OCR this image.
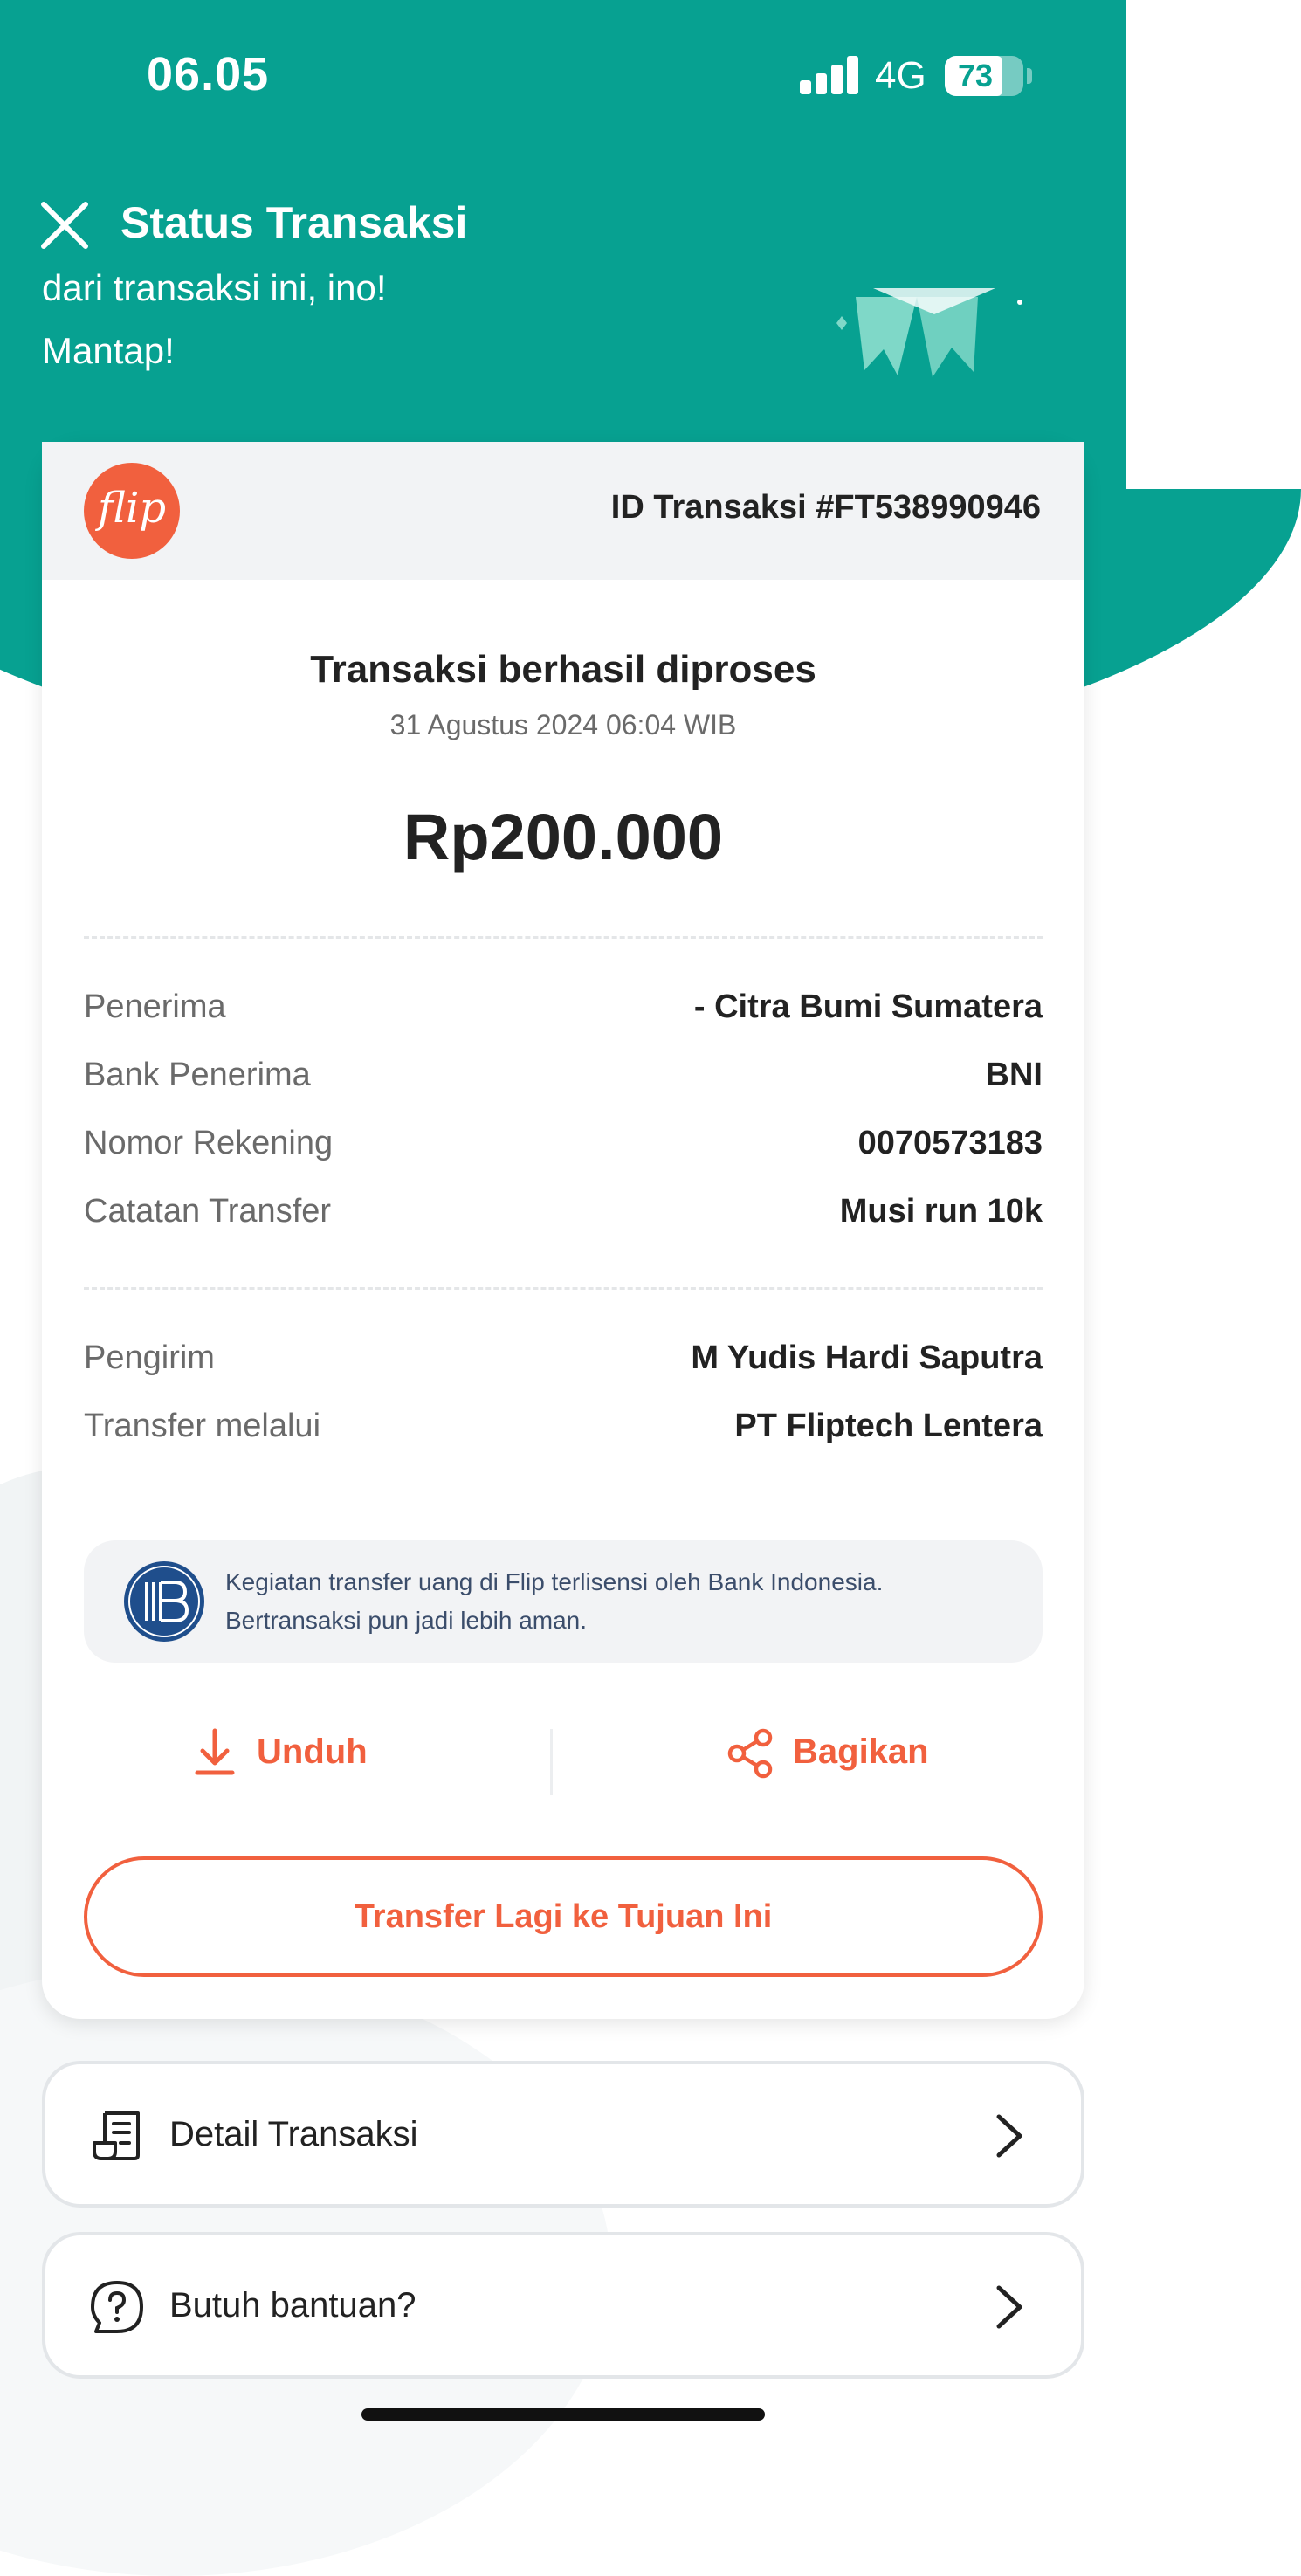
06.05	4G	73
Status Transaksi
dari transaksi ini, ino!
Mantap!
flip	ID Transaksi #FT538990946
Transaksi berhasil diproses
31 Agustus 2024 06:04 WIB
Rp200.000
Penerima	- Citra Bumi Sumatera
Bank Penerima	BNI
Nomor Rekening	0070573183
Catatan Transfer	Musi run 10k
Pengirim	M Yudis Hardi Saputra
Transfer melalui	PT Fliptech Lentera
Kegiatan transfer uang di Flip terlisensi oleh Bank Indonesia.
Bertransaksi pun jadi lebih aman.
Unduh	Bagikan
Transfer Lagi ke Tujuan Ini
Detail Transaksi
Butuh bantuan?
